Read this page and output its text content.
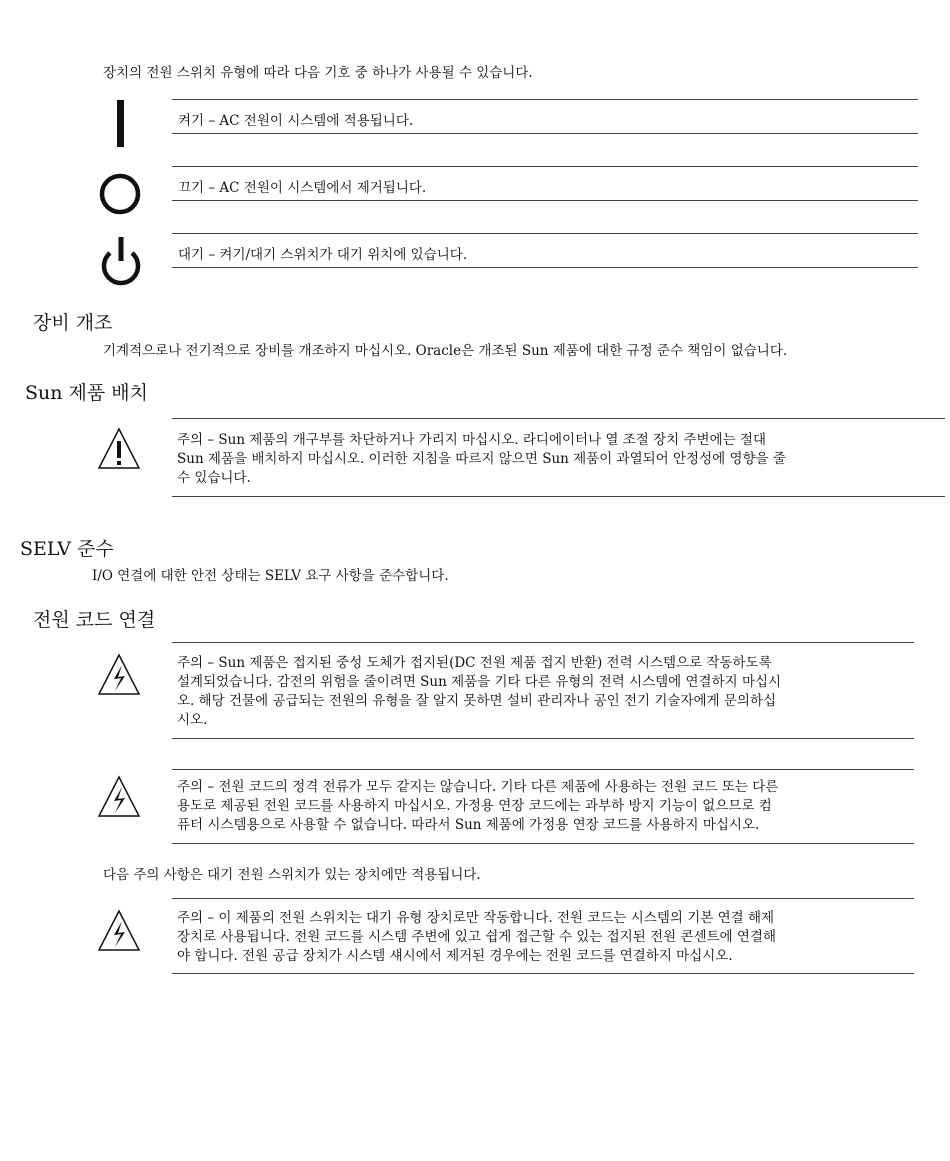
장치의 전원 스위치 유형에 따라 다음 기호 중 하나가 사용될 수 있습니다.
켜기 – AC 전원이 시스템에 적용됩니다.
끄기 – AC 전원이 시스템에서 제거됩니다.
대기 – 켜기/대기 스위치가 대기 위치에 있습니다.
장비 개조
기계적으로나 전기적으로 장비를 개조하지 마십시오. Oracle은 개조된 Sun 제품에 대한 규정 준수 책임이 없습니다.
Sun 제품 배치
주의 – Sun 제품의 개구부를 차단하거나 가리지 마십시오. 라디에이터나 열 조절 장치 주변에는 절대
Sun 제품을 배치하지 마십시오. 이러한 지침을 따르지 않으면 Sun 제품이 과열되어 안정성에 영향을 줄
수 있습니다.
SELV 준수
I/O 연결에 대한 안전 상태는 SELV 요구 사항을 준수합니다.
전원 코드 연결
주의 – Sun 제품은 접지된 중성 도체가 접지된(DC 전원 제품 접지 반환) 전력 시스템으로 작동하도록
설계되었습니다. 감전의 위험을 줄이려면 Sun 제품을 기타 다른 유형의 전력 시스템에 연결하지 마십시
오. 해당 건물에 공급되는 전원의 유형을 잘 알지 못하면 설비 관리자나 공인 전기 기술자에게 문의하십
시오.
주의 – 전원 코드의 정격 전류가 모두 같지는 않습니다. 기타 다른 제품에 사용하는 전원 코드 또는 다른
용도로 제공된 전원 코드를 사용하지 마십시오. 가정용 연장 코드에는 과부하 방지 기능이 없으므로 컴
퓨터 시스템용으로 사용할 수 없습니다. 따라서 Sun 제품에 가정용 연장 코드를 사용하지 마십시오.
다음 주의 사항은 대기 전원 스위치가 있는 장치에만 적용됩니다.
주의 – 이 제품의 전원 스위치는 대기 유형 장치로만 작동합니다. 전원 코드는 시스템의 기본 연결 해제
장치로 사용됩니다. 전원 코드를 시스템 주변에 있고 쉽게 접근할 수 있는 접지된 전원 콘센트에 연결해
야 합니다. 전원 공급 장치가 시스템 섀시에서 제거된 경우에는 전원 코드를 연결하지 마십시오.
